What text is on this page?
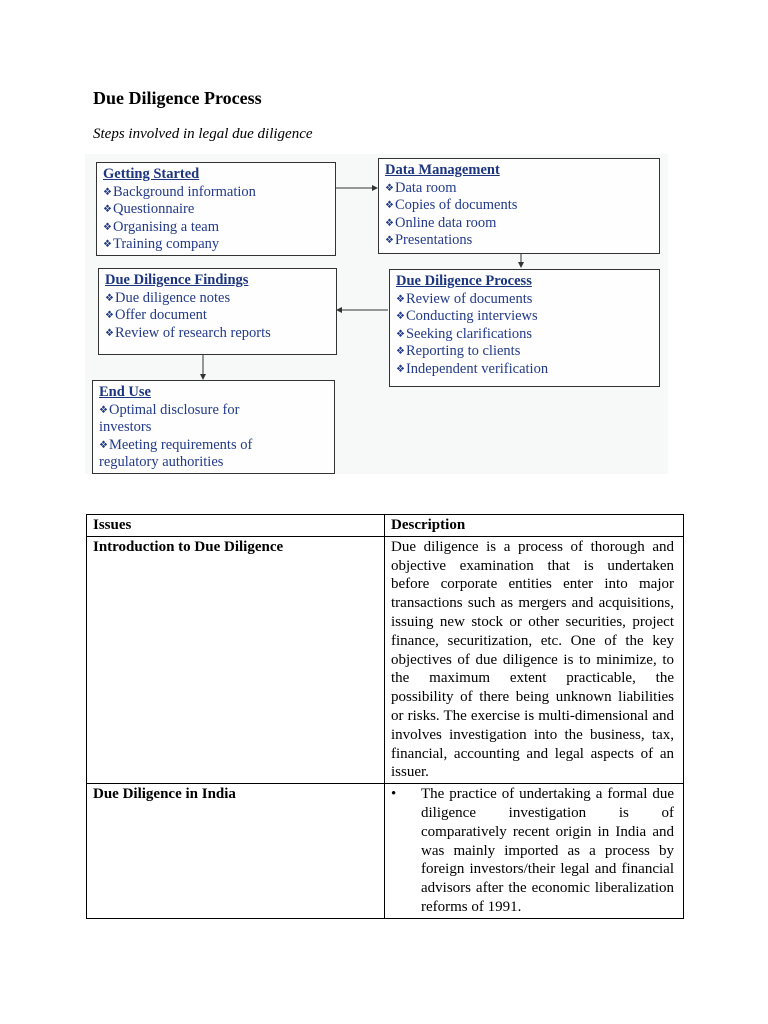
Due Diligence Process
Steps involved in legal due diligence
Getting Started
❖ Background information
❖ Questionnaire
❖ Organising a team
❖ Training company
Data Management
❖ Data room
❖ Copies of documents
❖ Online data room
❖ Presentations
Due Diligence Findings
❖ Due diligence notes
❖ Offer document
❖ Review of research reports
Due Diligence Process
❖ Review of documents
❖ Conducting interviews
❖ Seeking clarifications
❖ Reporting to clients
❖ Independent verification
End Use
❖ Optimal disclosure for
investors
❖ Meeting requirements of
regulatory authorities
Issues	Description
Introduction to Due Diligence	Due diligence is a process of thorough and objective examination that is undertaken before corporate entities enter into major transactions such as mergers and acquisitions, issuing new stock or other securities, project finance, securitization, etc. One of the key objectives of due diligence is to minimize, to the maximum extent practicable, the possibility of there being unknown liabilities or risks. The exercise is multi-dimensional and involves investigation into the business, tax, financial, accounting and legal aspects of an issuer.
Due Diligence in India	• The practice of undertaking a formal due diligence investigation is of comparatively recent origin in India and was mainly imported as a process by foreign investors/their legal and financial advisors after the economic liberalization reforms of 1991.
